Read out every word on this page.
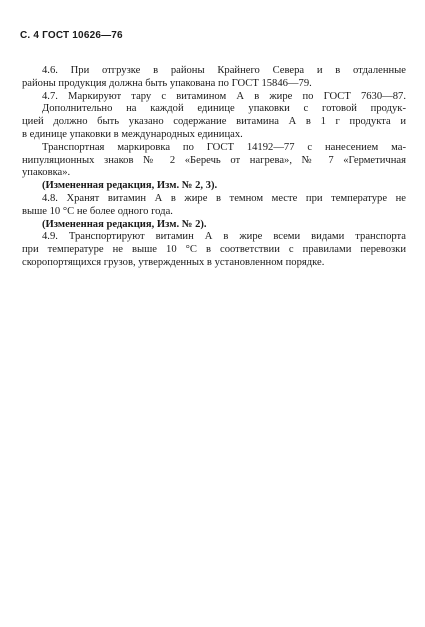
С. 4 ГОСТ 10626—76
4.6. При отгрузке в районы Крайнего Севера и в отдаленные
районы продукция должна быть упакована по ГОСТ 15846—79.
4.7. Маркируют тару с витамином А в жире по ГОСТ 7630—87.
Дополнительно на каждой единице упаковки с готовой продук-
цией должно быть указано содержание витамина А в 1 г продукта и
в единице упаковки в международных единицах.
Транспортная маркировка по ГОСТ 14192—77 с нанесением ма-
нипуляционных знаков № 2 «Беречь от нагрева», № 7 «Герметичная
упаковка».
(Измененная редакция, Изм. № 2, 3).
4.8. Хранят витамин А в жире в темном месте при температуре не
выше 10 °С не более одного года.
(Измененная редакция, Изм. № 2).
4.9. Транспортируют витамин А в жире всеми видами транспорта
при температуре не выше 10 °С в соответствии с правилами перевозки
скоропортящихся грузов, утвержденных в установленном порядке.
